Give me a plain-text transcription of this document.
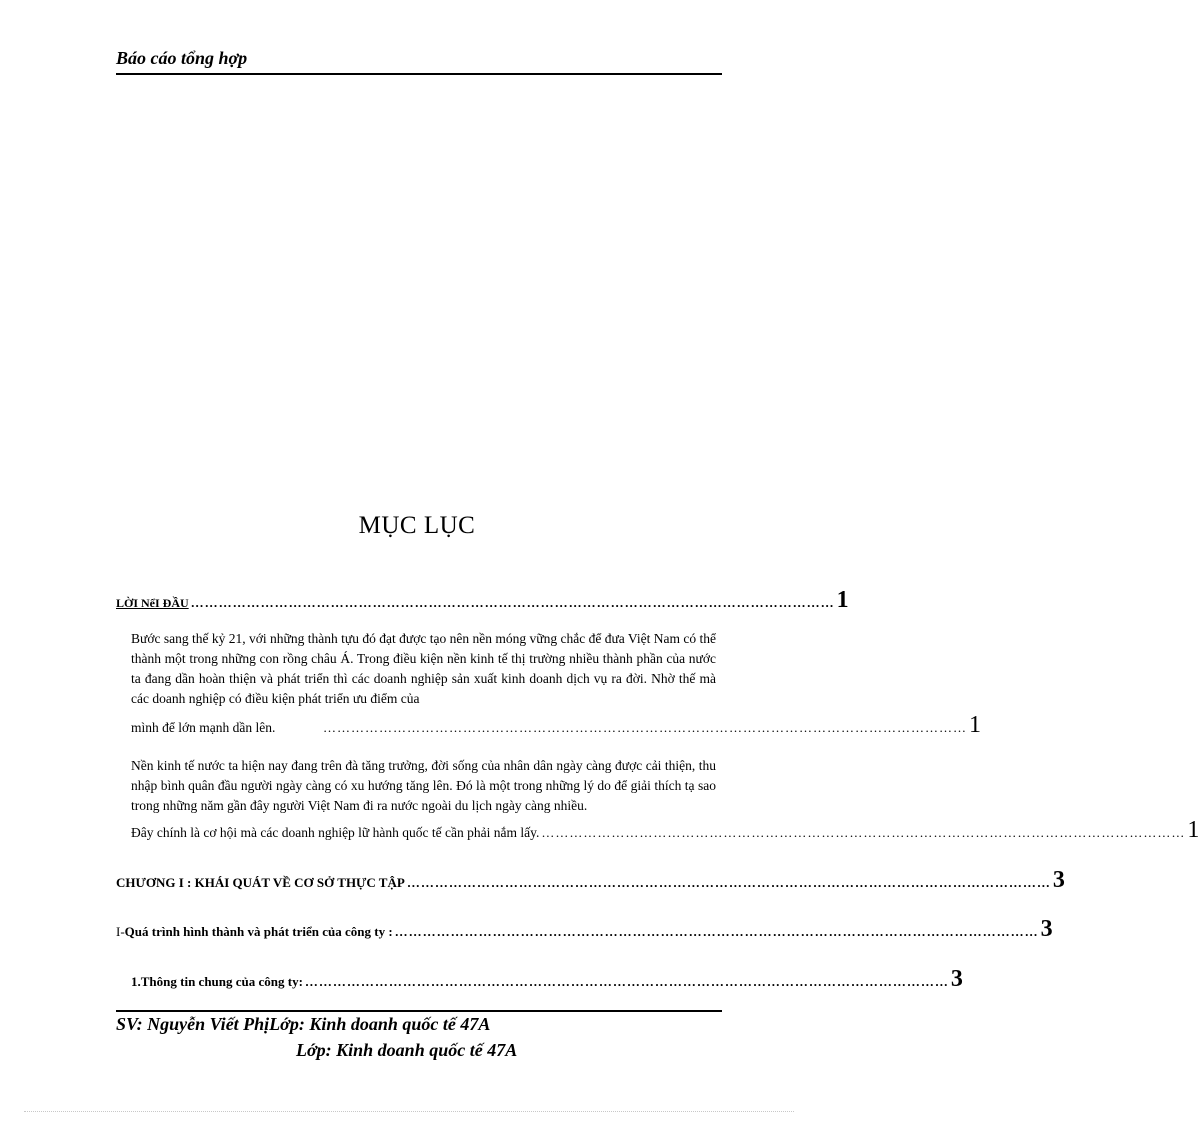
Báo cáo tổng hợp
MỤC LỤC
LỜI NểI ĐẦU ………………………………………………………………………………………………………………………… 1
Bước sang thế kỷ 21, với những thành tựu đó đạt được tạo nên nền móng vững chắc để đưa Việt Nam có thể thành một trong những con rồng châu Á. Trong điều kiện nền kinh tế thị trường nhiều thành phần của nước ta đang dần hoàn thiện và phát triển thì các doanh nghiệp sản xuất kinh doanh dịch vụ ra đời. Nhờ thế mà các doanh nghiệp có điều kiện phát triển ưu điểm của
mình để lớn mạnh dần lên.	………………………………………………………………………………………………………………………… 1
Nền kinh tế nước ta hiện nay đang trên đà tăng trưởng, đời sống của nhân dân ngày càng được cải thiện, thu nhập bình quân đầu người ngày càng có xu hướng tăng lên. Đó là một trong những lý do để giải thích tạ sao trong những năm gần đây người Việt Nam đi ra nước ngoài du lịch ngày càng nhiều.
Đây chính là cơ hội mà các doanh nghiệp lữ hành quốc tế cần phải nắm lấy. ………………………………………………………………………………………………………………………… 1
CHƯƠNG I : KHÁI QUÁT VỀ CƠ SỞ THỰC TẬP ………………………………………………………………………………………………………………………… 3
I- Quá trình hình thành và phát triển của công ty : ………………………………………………………………………………………………………………………… 3
1.Thông tin chung của công ty: ………………………………………………………………………………………………………………………… 3
SV: Nguyễn Viết PhịLớp: Kinh doanh quốc tế 47A
Lớp: Kinh doanh quốc tế 47A
